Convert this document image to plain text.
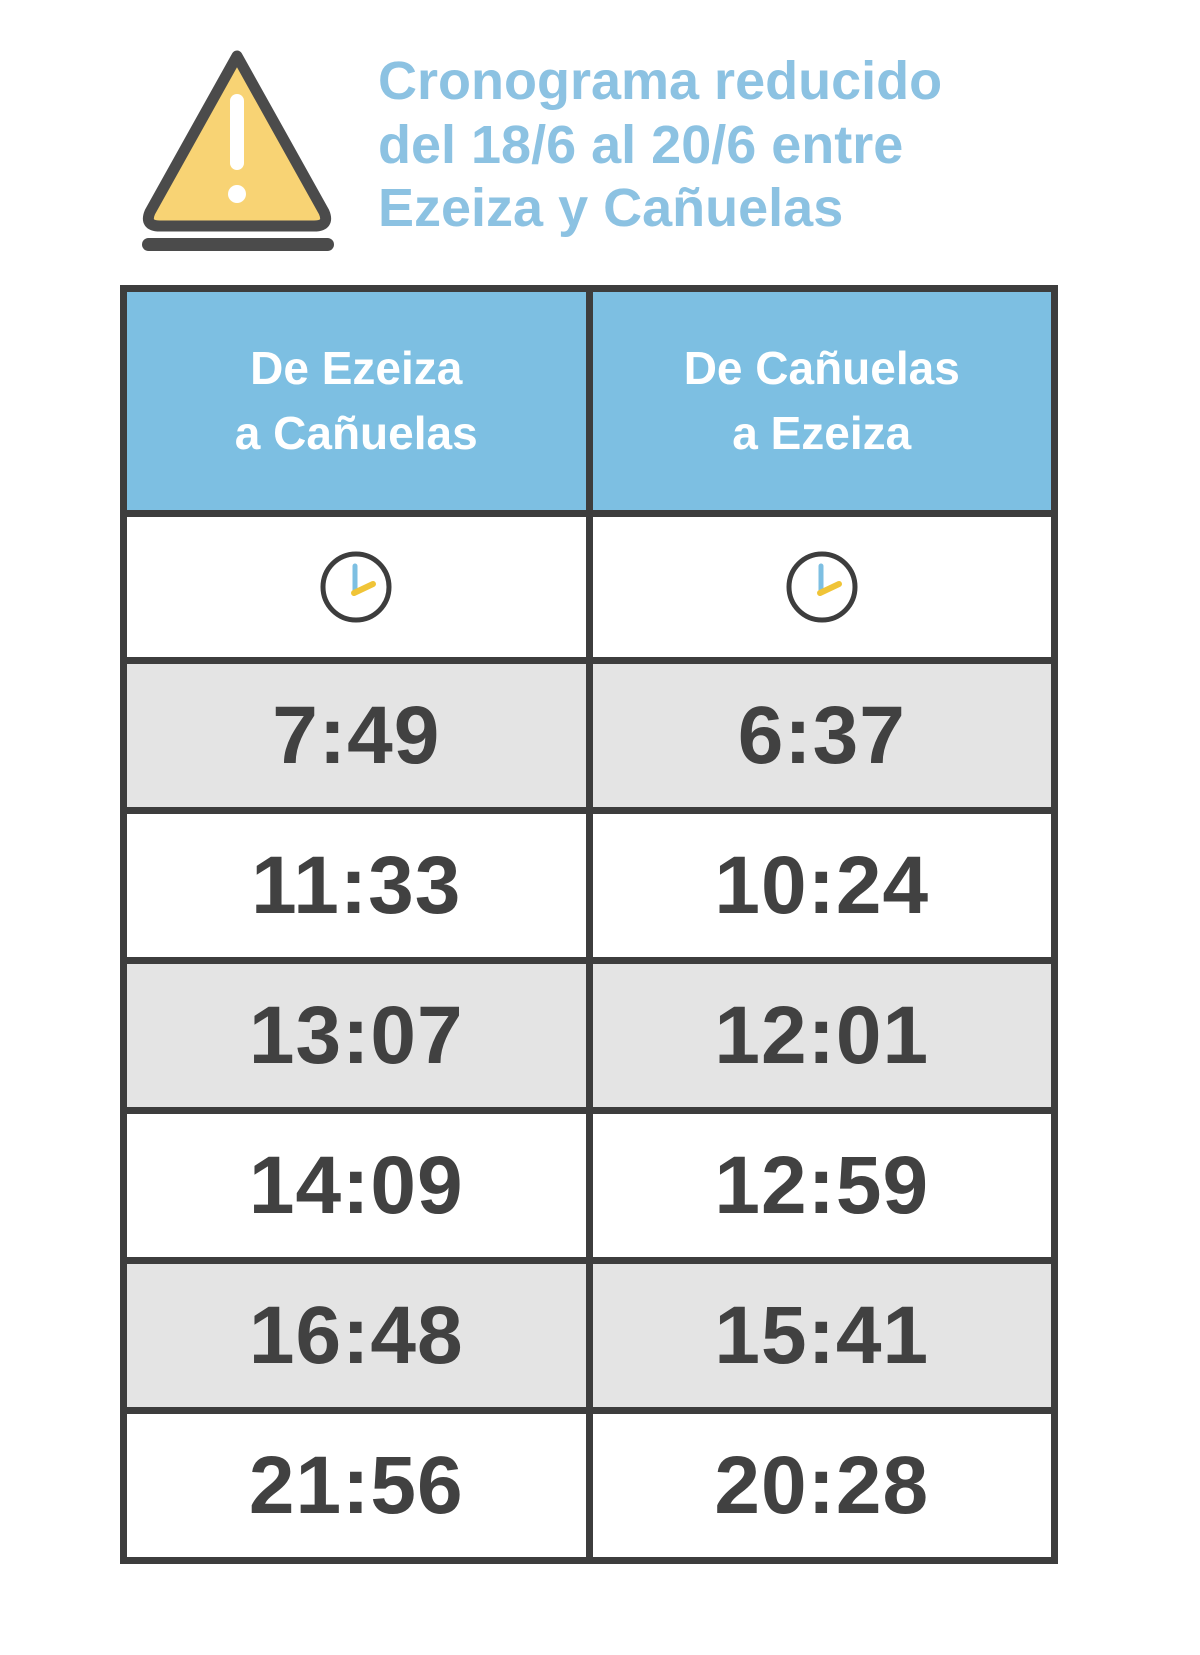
Cronograma reducido
del 18/6 al 20/6 entre
Ezeiza y Cañuelas
De Ezeiza
a Cañuelas
De Cañuelas
a Ezeiza
7:49	6:37
11:33	10:24
13:07	12:01
14:09	12:59
16:48	15:41
21:56	20:28
